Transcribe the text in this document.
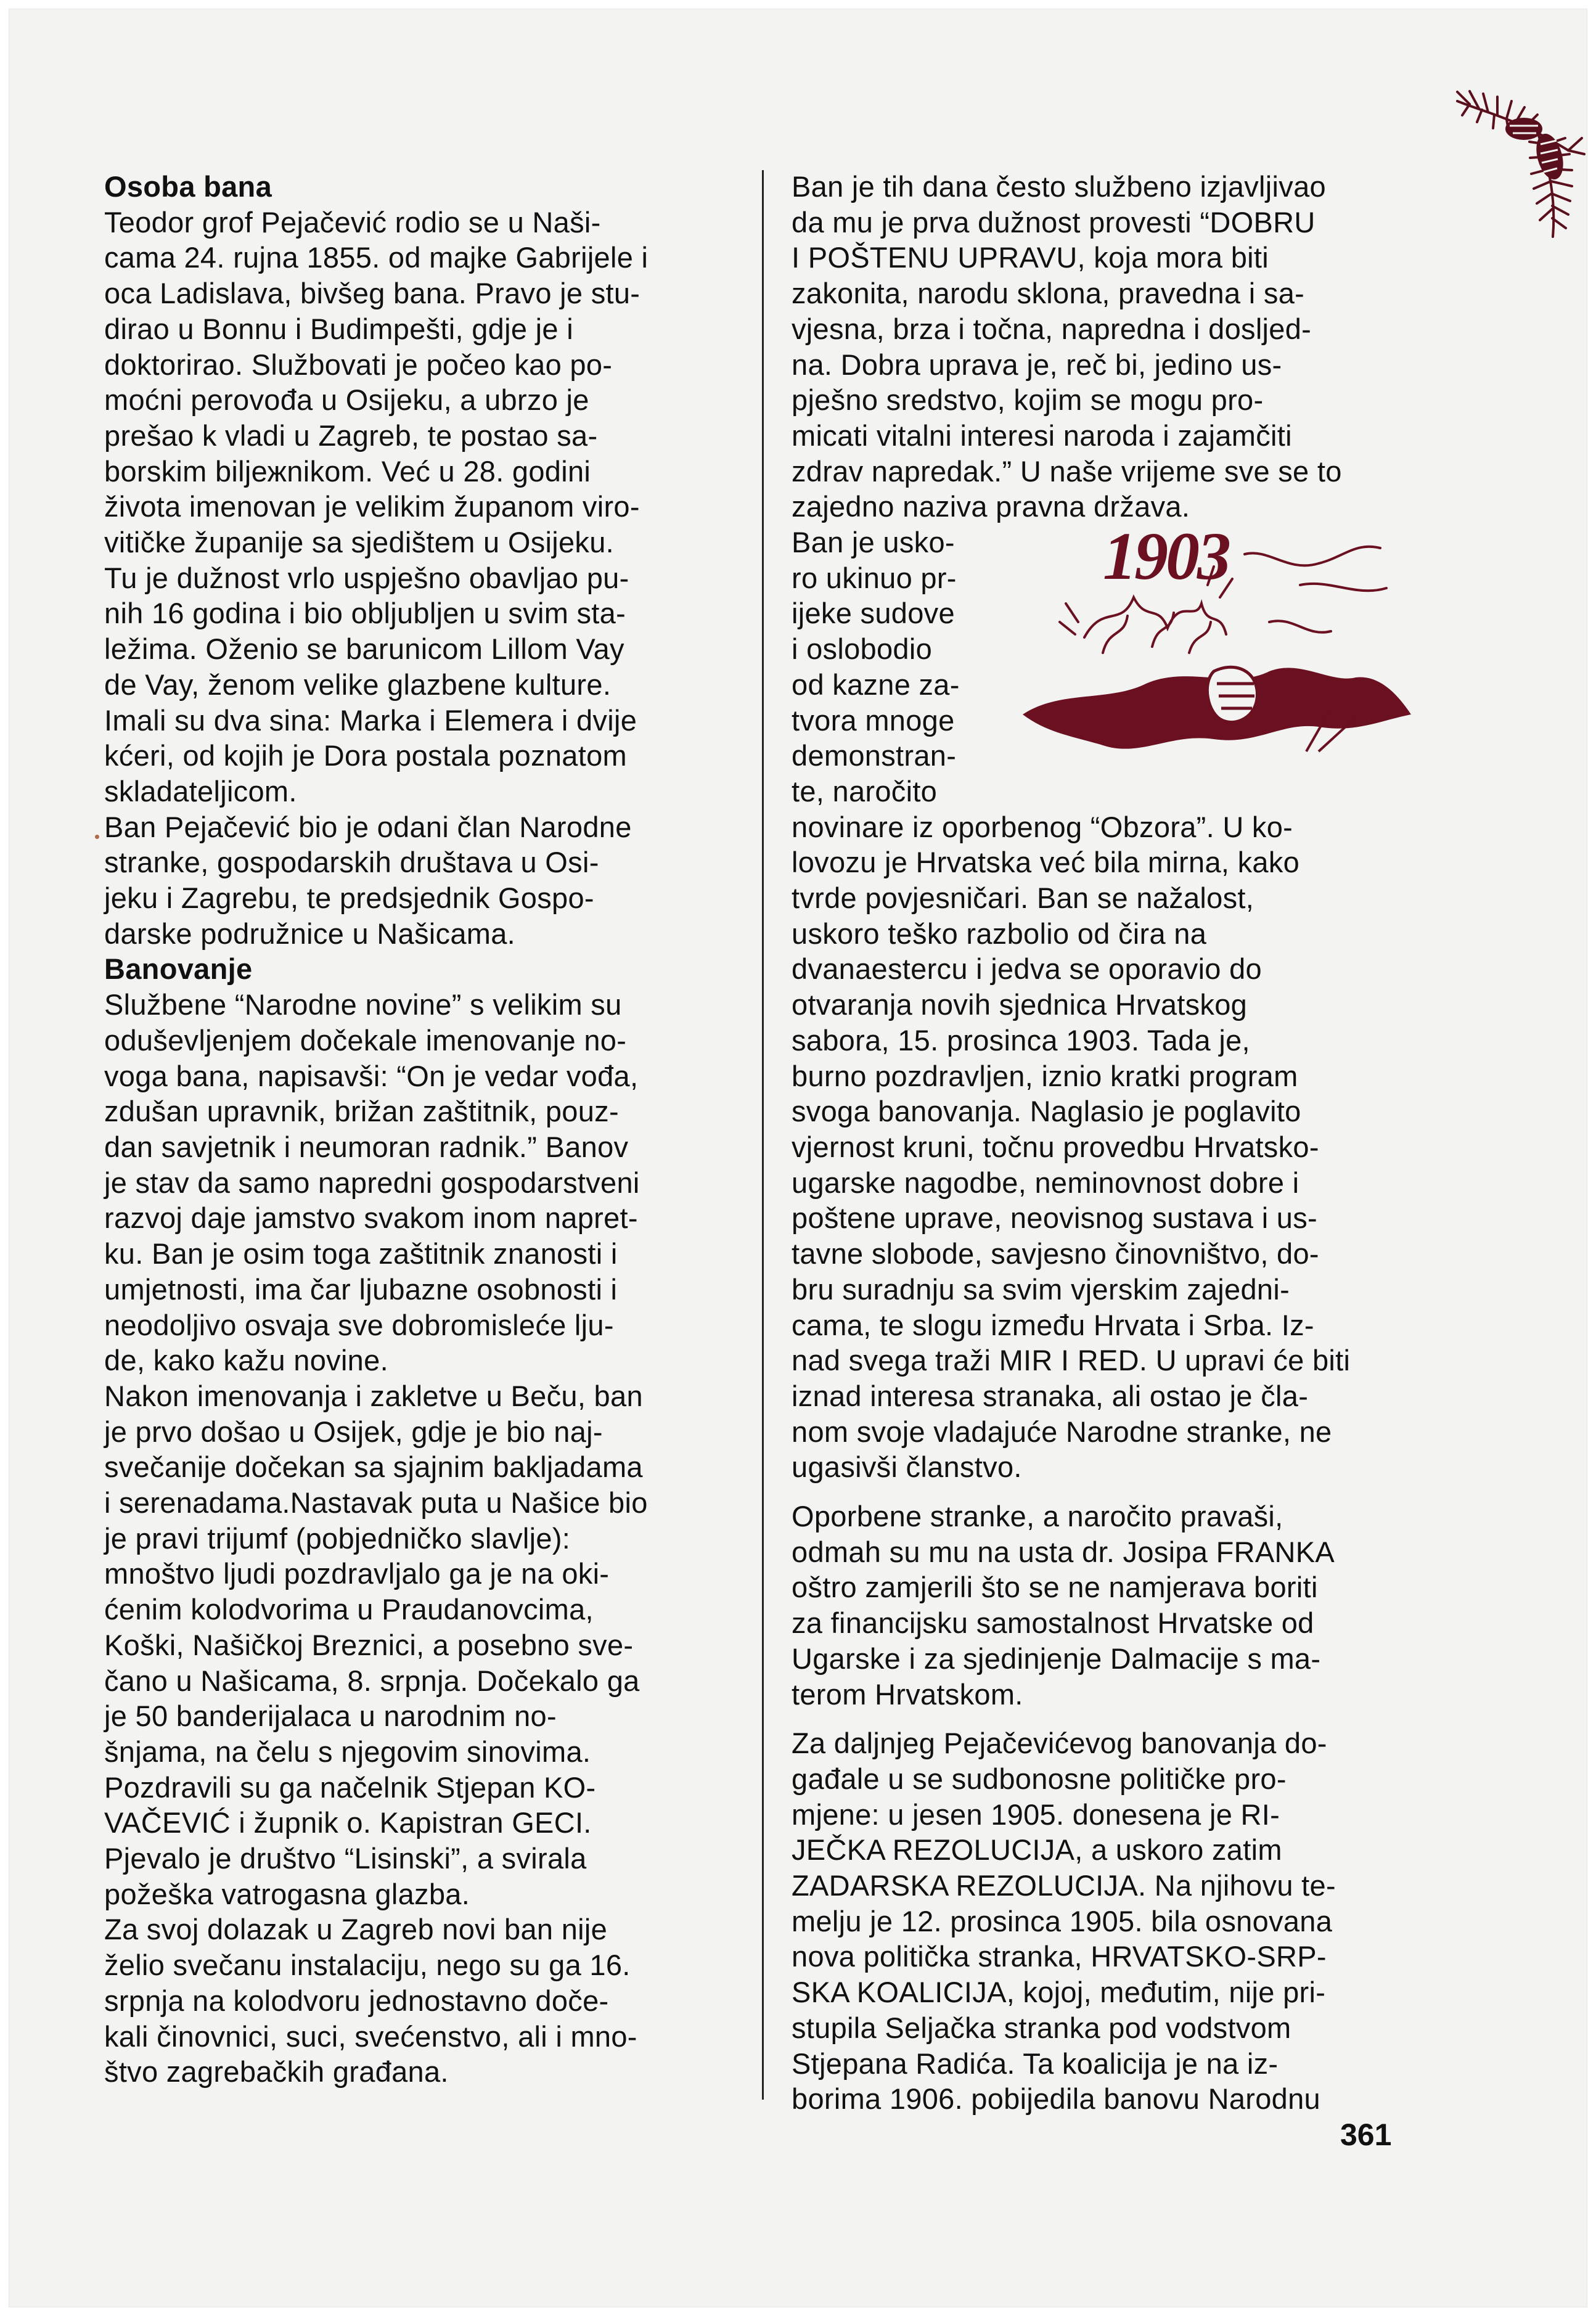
Osoba bana

Teodor grof Pejačević rodio se u Naši-

cama 24. rujna 1855. od majke Gabrijele i

oca Ladislava, bivšeg bana. Pravo je stu-

dirao u Bonnu i Budimpešti, gdje je i

doktorirao. Službovati je počeo kao po-

moćni perovođa u Osijeku, a ubrzo je

prešao k vladi u Zagreb, te postao sa-

borskim biljежnikom. Već u 28. godini

života imenovan je velikim županom viro-

vitičke županije sa sjedištem u Osijeku.

Tu je dužnost vrlo uspješno obavljao pu-

nih 16 godina i bio obljubljen u svim sta-

ležima. Oženio se barunicom Lillom Vay

de Vay, ženom velike glazbene kulture.

Imali su dva sina: Marka i Elemera i dvije

kćeri, od kojih je Dora postala poznatom

skladateljicom.

Ban Pejačević bio je odani član Narodne

stranke, gospodarskih društava u Osi-

jeku i Zagrebu, te predsjednik Gospo-

darske podružnice u Našicama.

Banovanje

Službene “Narodne novine” s velikim su

oduševljenjem dočekale imenovanje no-

voga bana, napisavši: “On je vedar vođa,

zdušan upravnik, brižan zaštitnik, pouz-

dan savjetnik i neumoran radnik.” Banov

je stav da samo napredni gospodarstveni

razvoj daje jamstvo svakom inom napret-

ku. Ban je osim toga zaštitnik znanosti i

umjetnosti, ima čar ljubazne osobnosti i

neodoljivo osvaja sve dobromisleće lju-

de, kako kažu novine.

Nakon imenovanja i zakletve u Beču, ban

je prvo došao u Osijek, gdje je bio naj-

svečanije dočekan sa sjajnim bakljadama

i serenadama.Nastavak puta u Našice bio

je pravi trijumf (pobjedničko slavlje):

mnoštvo ljudi pozdravljalo ga je na oki-

ćenim kolodvorima u Praudanovcima,

Koški, Našičkoj Breznici, a posebno sve-

čano u Našicama, 8. srpnja. Dočekalo ga

je 50 banderijalaca u narodnim no-

šnjama, na čelu s njegovim sinovima.

Pozdravili su ga načelnik Stjepan KO-

VAČEVIĆ i župnik o. Kapistran GECI.

Pjevalo je društvo “Lisinski”, a svirala

požeška vatrogasna glazba.

Za svoj dolazak u Zagreb novi ban nije

želio svečanu instalaciju, nego su ga 16.

srpnja na kolodvoru jednostavno doče-

kali činovnici, suci, svećenstvo, ali i mno-

štvo zagrebačkih građana.

Ban je tih dana često službeno izjavljivao

da mu je prva dužnost provesti “DOBRU

I POŠTENU UPRAVU, koja mora biti

zakonita, narodu sklona, pravedna i sa-

vjesna, brza i točna, napredna i dosljed-

na. Dobra uprava je, reč bi, jedino us-

pješno sredstvo, kojim se mogu pro-

micati vitalni interesi naroda i zajamčiti

zdrav napredak.” U naše vrijeme sve se to

zajedno naziva pravna država.

1903

Ban je usko-

ro ukinuo pr-

ijeke sudove

i oslobodio

od kazne za-

tvora mnoge

demonstran-

te, naročito

novinare iz oporbenog “Obzora”. U ko-

lovozu je Hrvatska već bila mirna, kako

tvrde povjesničari. Ban se nažalost,

uskoro teško razbolio od čira na

dvanaestercu i jedva se oporavio do

otvaranja novih sjednica Hrvatskog

sabora, 15. prosinca 1903. Tada je,

burno pozdravljen, iznio kratki program

svoga banovanja. Naglasio je poglavito

vjernost kruni, točnu provedbu Hrvatsko-

ugarske nagodbe, neminovnost dobre i

poštene uprave, neovisnog sustava i us-

tavne slobode, savjesno činovništvo, do-

bru suradnju sa svim vjerskim zajedni-

cama, te slogu između Hrvata i Srba. Iz-

nad svega traži MIR I RED. U upravi će biti

iznad interesa stranaka, ali ostao je čla-

nom svoje vladajuće Narodne stranke, ne

ugasivši članstvo.

Oporbene stranke, a naročito pravaši,

odmah su mu na usta dr. Josipa FRANKA

oštro zamjerili što se ne namjerava boriti

za financijsku samostalnost Hrvatske od

Ugarske i za sjedinjenje Dalmacije s ma-

terom Hrvatskom.

Za daljnjeg Pejačevićevog banovanja do-

gađale u se sudbonosne političke pro-

mjene: u jesen 1905. donesena je RI-

JEČKA REZOLUCIJA, a uskoro zatim

ZADARSKA REZOLUCIJA. Na njihovu te-

melju je 12. prosinca 1905. bila osnovana

nova politička stranka, HRVATSKO-SRP-

SKA KOALICIJA, kojoj, međutim, nije pri-

stupila Seljačka stranka pod vodstvom

Stjepana Radića. Ta koalicija je na iz-

borima 1906. pobijedila banovu Narodnu

361
